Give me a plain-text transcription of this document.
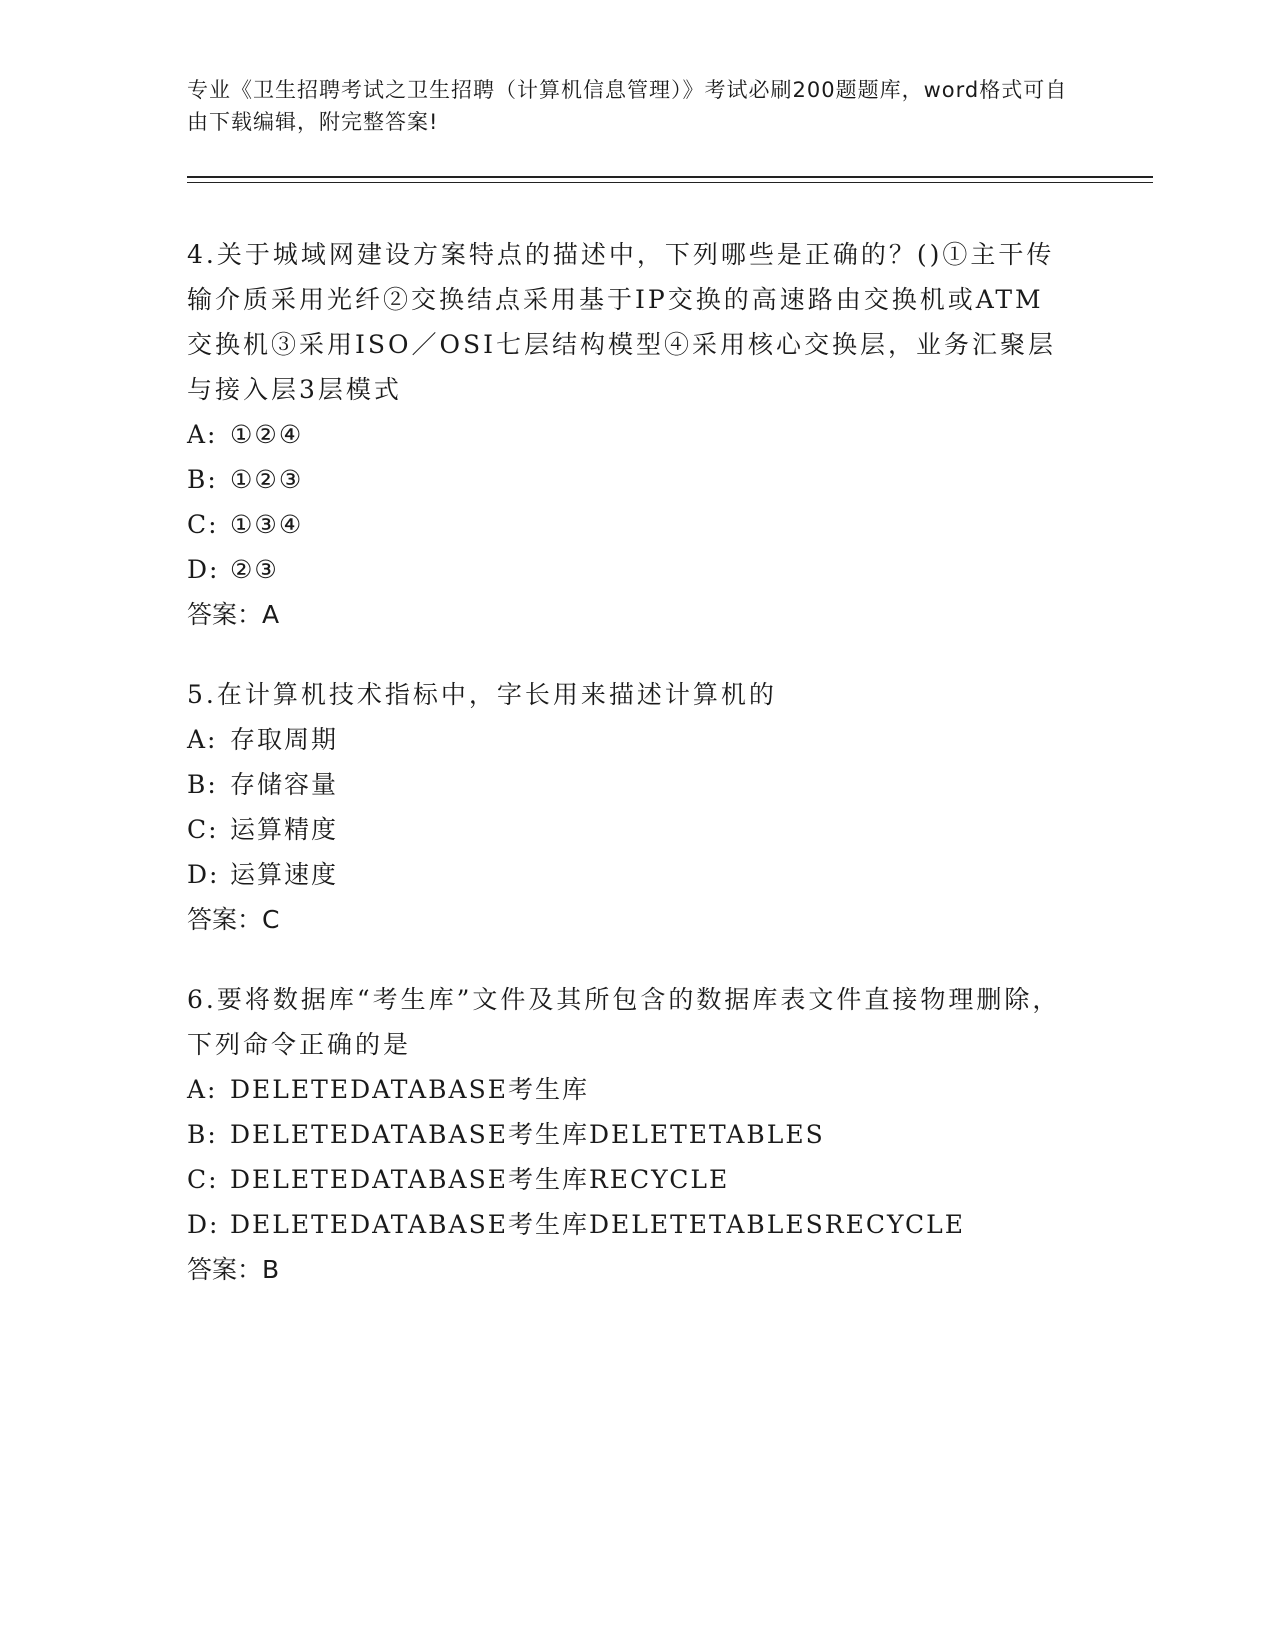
专业《卫生招聘考试之卫生招聘（计算机信息管理）》考试必刷200题题库，word格式可自由下载编辑，附完整答案!
4.关于城域网建设方案特点的描述中，下列哪些是正确的？()①主干传输介质采用光纤②交换结点采用基于IP交换的高速路由交换机或ATM交换机③采用ISO／OSI七层结构模型④采用核心交换层，业务汇聚层与接入层3层模式
A: ①②④
B: ①②③
C: ①③④
D: ②③
答案：A
5.在计算机技术指标中，字长用来描述计算机的
A: 存取周期
B: 存储容量
C: 运算精度
D: 运算速度
答案：C
6.要将数据库“考生库”文件及其所包含的数据库表文件直接物理删除，下列命令正确的是
A: DELETEDATABASE考生库
B: DELETEDATABASE考生库DELETETABLES
C: DELETEDATABASE考生库RECYCLE
D: DELETEDATABASE考生库DELETETABLESRECYCLE
答案：B
